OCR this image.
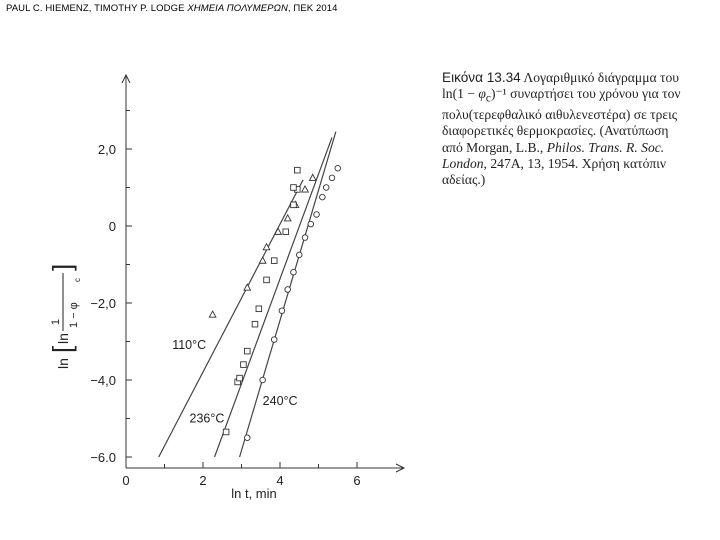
PAUL C. HIEMENZ, TIMOTHY P. LODGE ΧΗΜΕΙΑ ΠΟΛΥΜΕΡΩΝ, ΠΕΚ 2014
−6.0
−4,0
−2,0
0
2,0
0	2	4	6
110°C
236°C
240°C
ln
[
ln
1 1 − φ
c
]
ln t, min
Εικόνα 13.34 Λογαριθμικό διάγραμμα του $\ln(1 - \varphi_c)^{-1}$ συναρτήσει του χρόνου για τον πολυ(τερεφθαλικό αιθυλενεστέρα) σε τρεις διαφορετικές θερμοκρασίες. (Ανατύπωση από Morgan, L.B., Philos. Trans. R. Soc. London, 247A, 13, 1954. Χρήση κατόπιν αδείας.)
